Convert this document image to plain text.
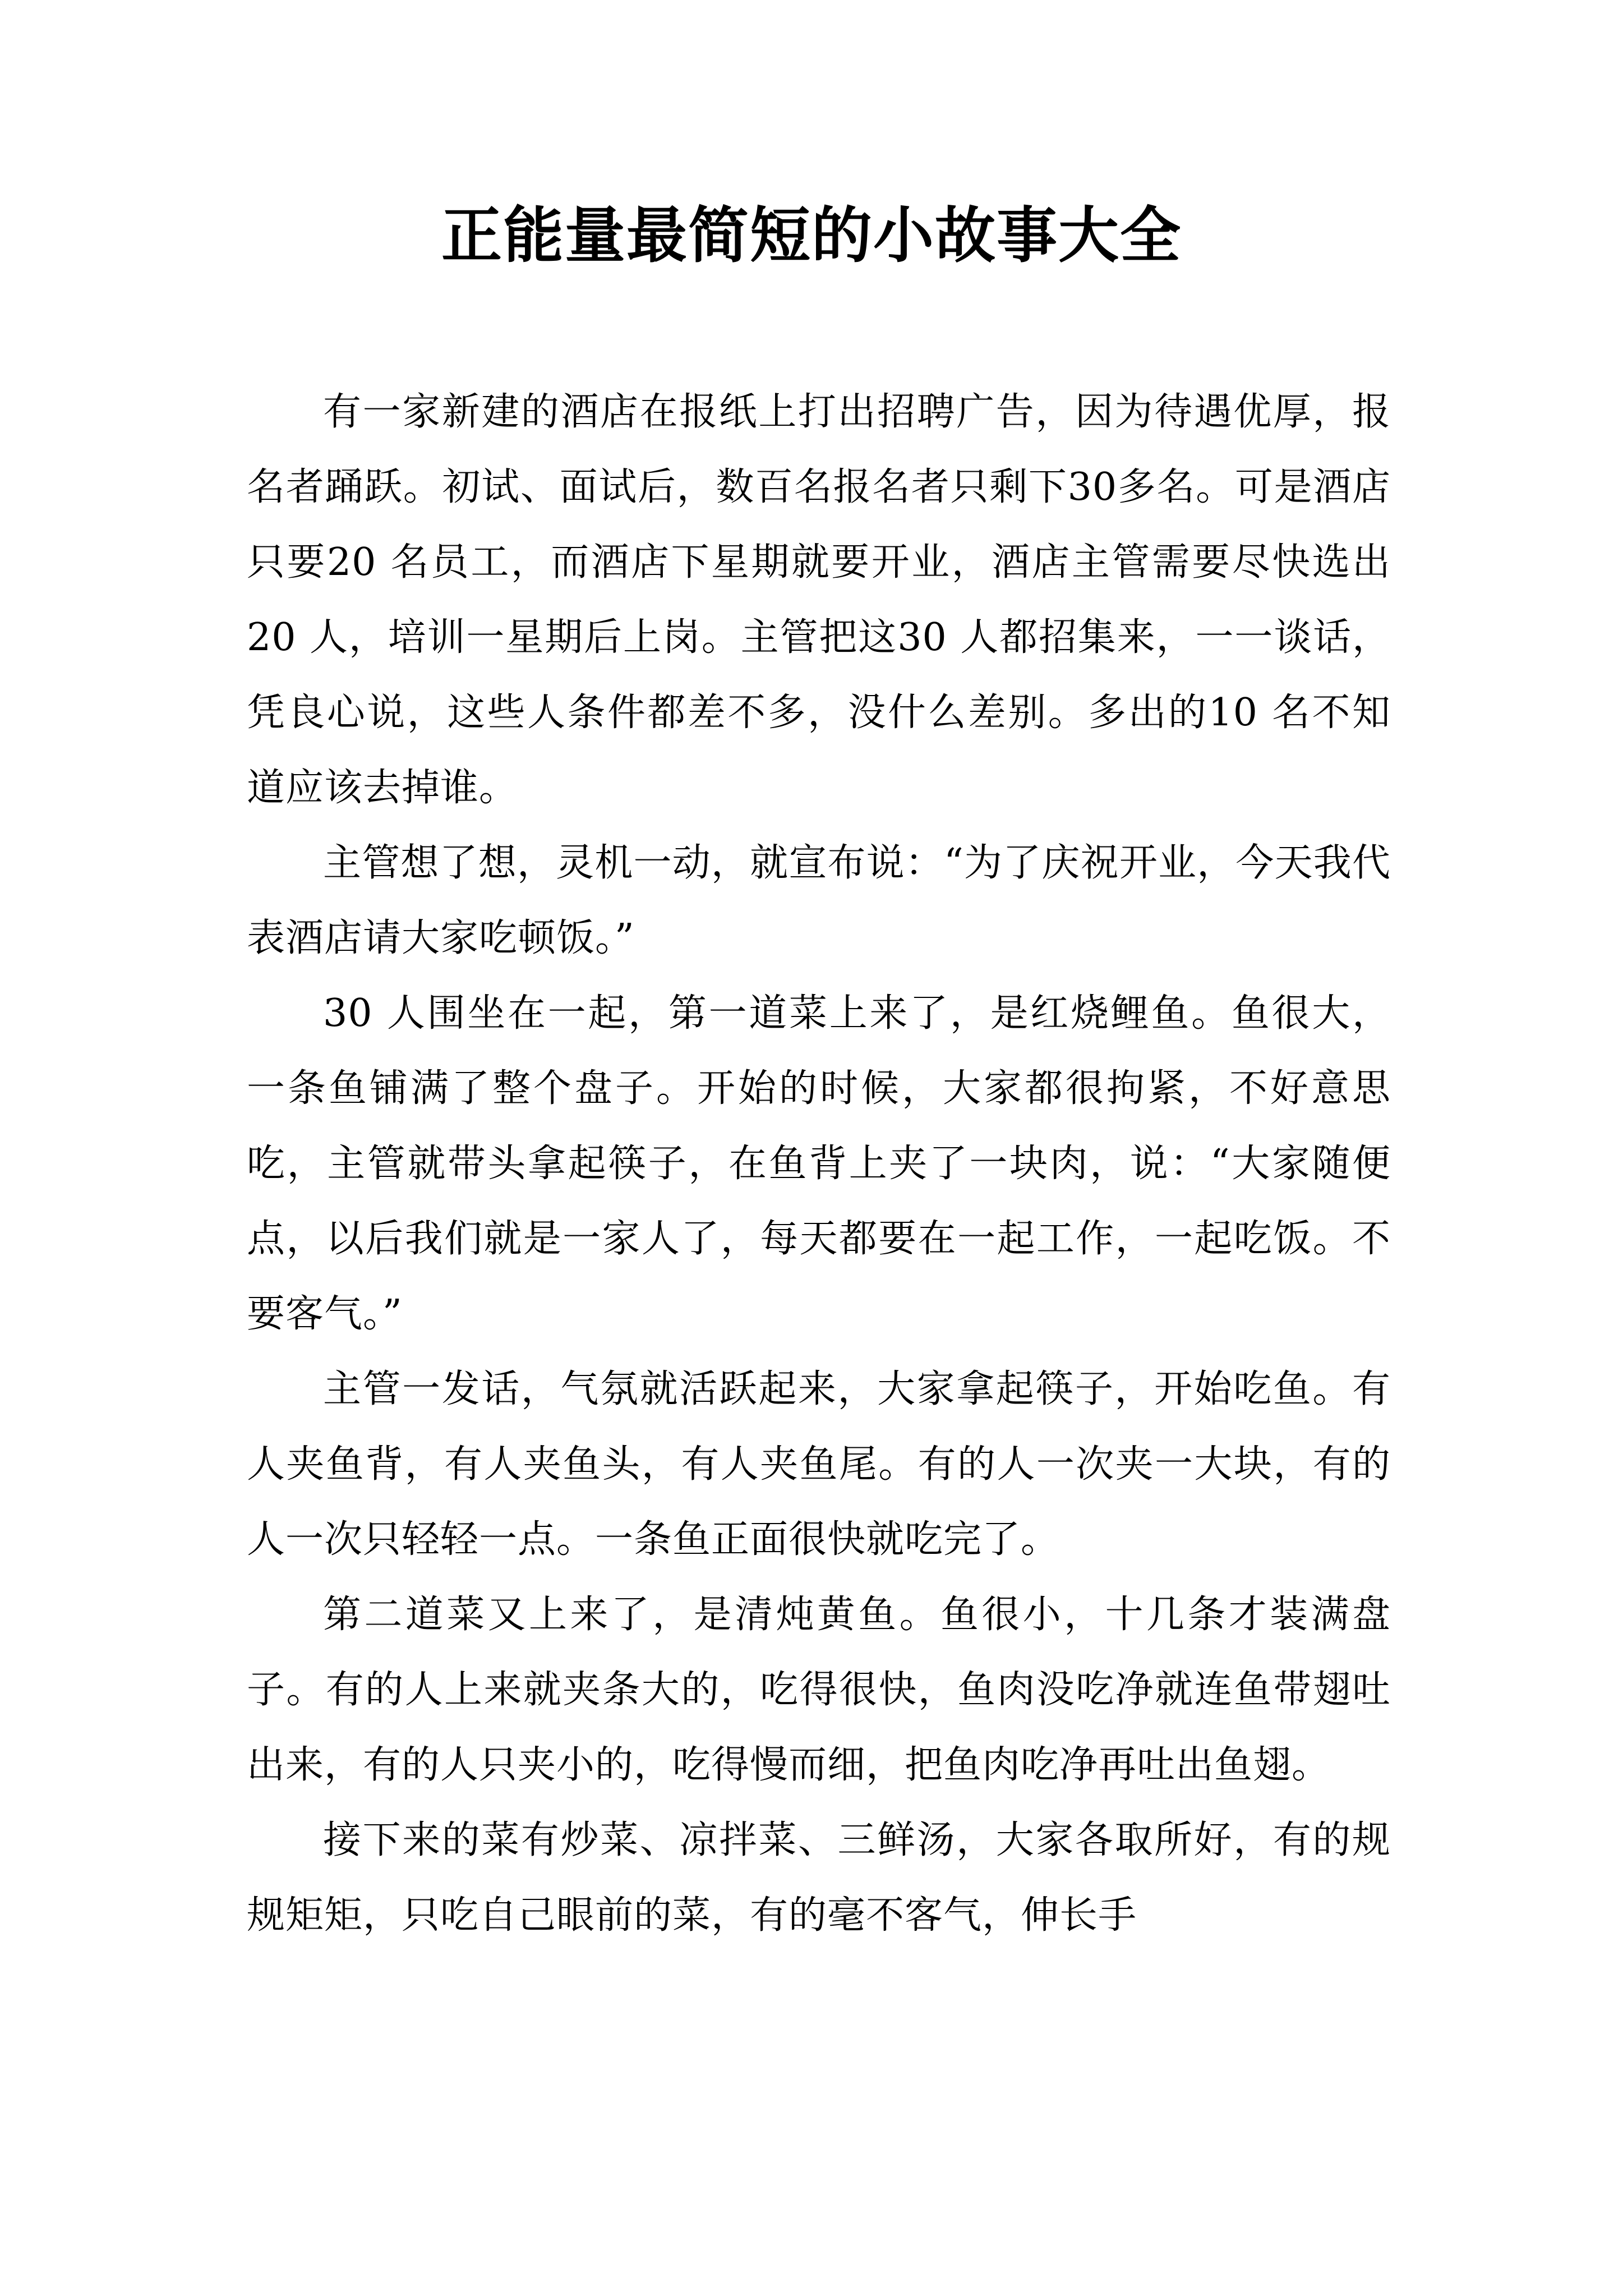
正能量最简短的小故事大全

有一家新建的酒店在报纸上打出招聘广告，因为待遇优厚，报名者踊跃。初试、面试后，数百名报名者只剩下30多名。可是酒店只要20 名员工，而酒店下星期就要开业，酒店主管需要尽快选出20 人，培训一星期后上岗。主管把这30 人都招集来，一一谈话，凭良心说，这些人条件都差不多，没什么差别。多出的10 名不知道应该去掉谁。

主管想了想，灵机一动，就宣布说：“为了庆祝开业，今天我代表酒店请大家吃顿饭。”

30 人围坐在一起，第一道菜上来了，是红烧鲤鱼。鱼很大，一条鱼铺满了整个盘子。开始的时候，大家都很拘紧，不好意思吃，主管就带头拿起筷子，在鱼背上夹了一块肉，说：“大家随便点，以后我们就是一家人了，每天都要在一起工作，一起吃饭。不要客气。”

主管一发话，气氛就活跃起来，大家拿起筷子，开始吃鱼。有人夹鱼背，有人夹鱼头，有人夹鱼尾。有的人一次夹一大块，有的人一次只轻轻一点。一条鱼正面很快就吃完了。

第二道菜又上来了，是清炖黄鱼。鱼很小，十几条才装满盘子。有的人上来就夹条大的，吃得很快，鱼肉没吃净就连鱼带翅吐出来，有的人只夹小的，吃得慢而细，把鱼肉吃净再吐出鱼翅。

接下来的菜有炒菜、凉拌菜、三鲜汤，大家各取所好，有的规规矩矩，只吃自己眼前的菜，有的毫不客气，伸长手
